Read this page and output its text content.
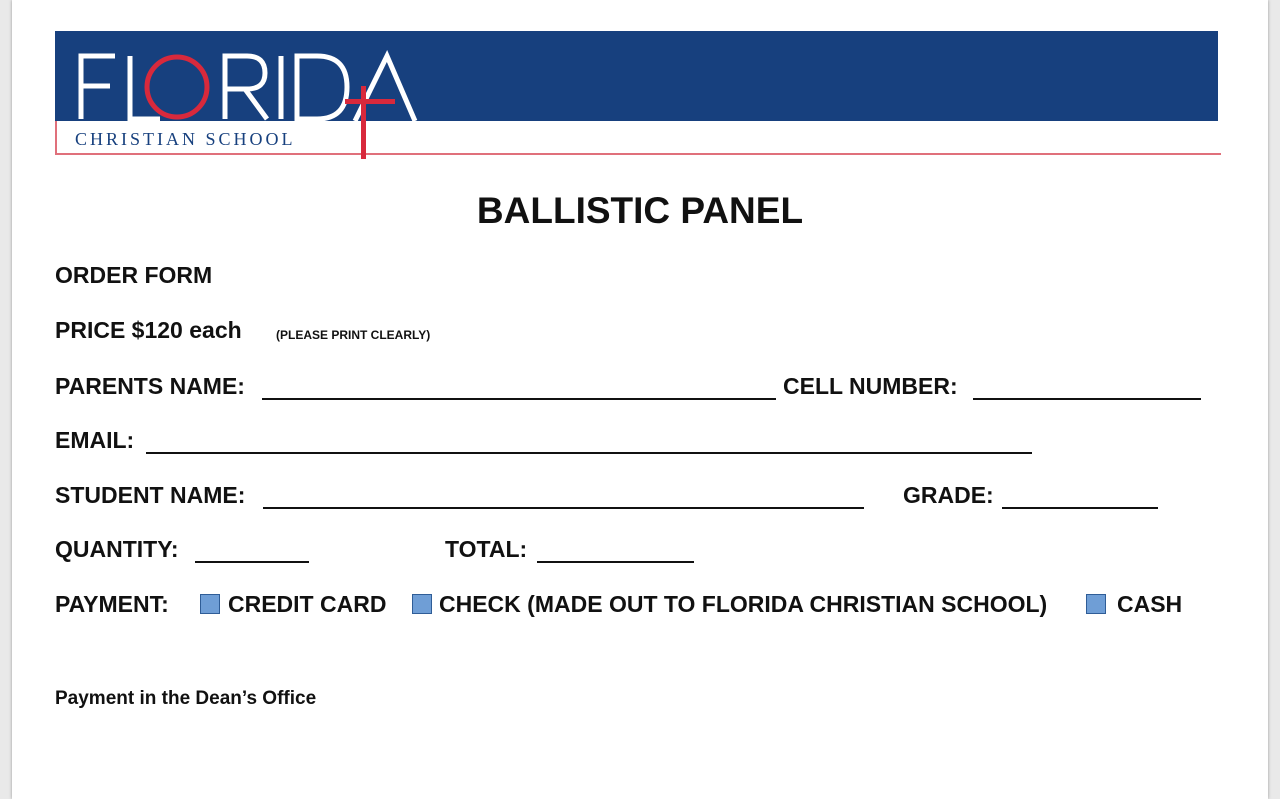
CHRISTIAN SCHOOL
BALLISTIC PANEL
ORDER FORM
PRICE $120 each	(PLEASE PRINT CLEARLY)
PARENTS NAME:	CELL NUMBER:
EMAIL:
STUDENT NAME:	GRADE:
QUANTITY:	TOTAL:
PAYMENT:	CREDIT CARD CHECK (MADE OUT TO FLORIDA CHRISTIAN SCHOOL)	CASH
Payment in the Dean’s Office
